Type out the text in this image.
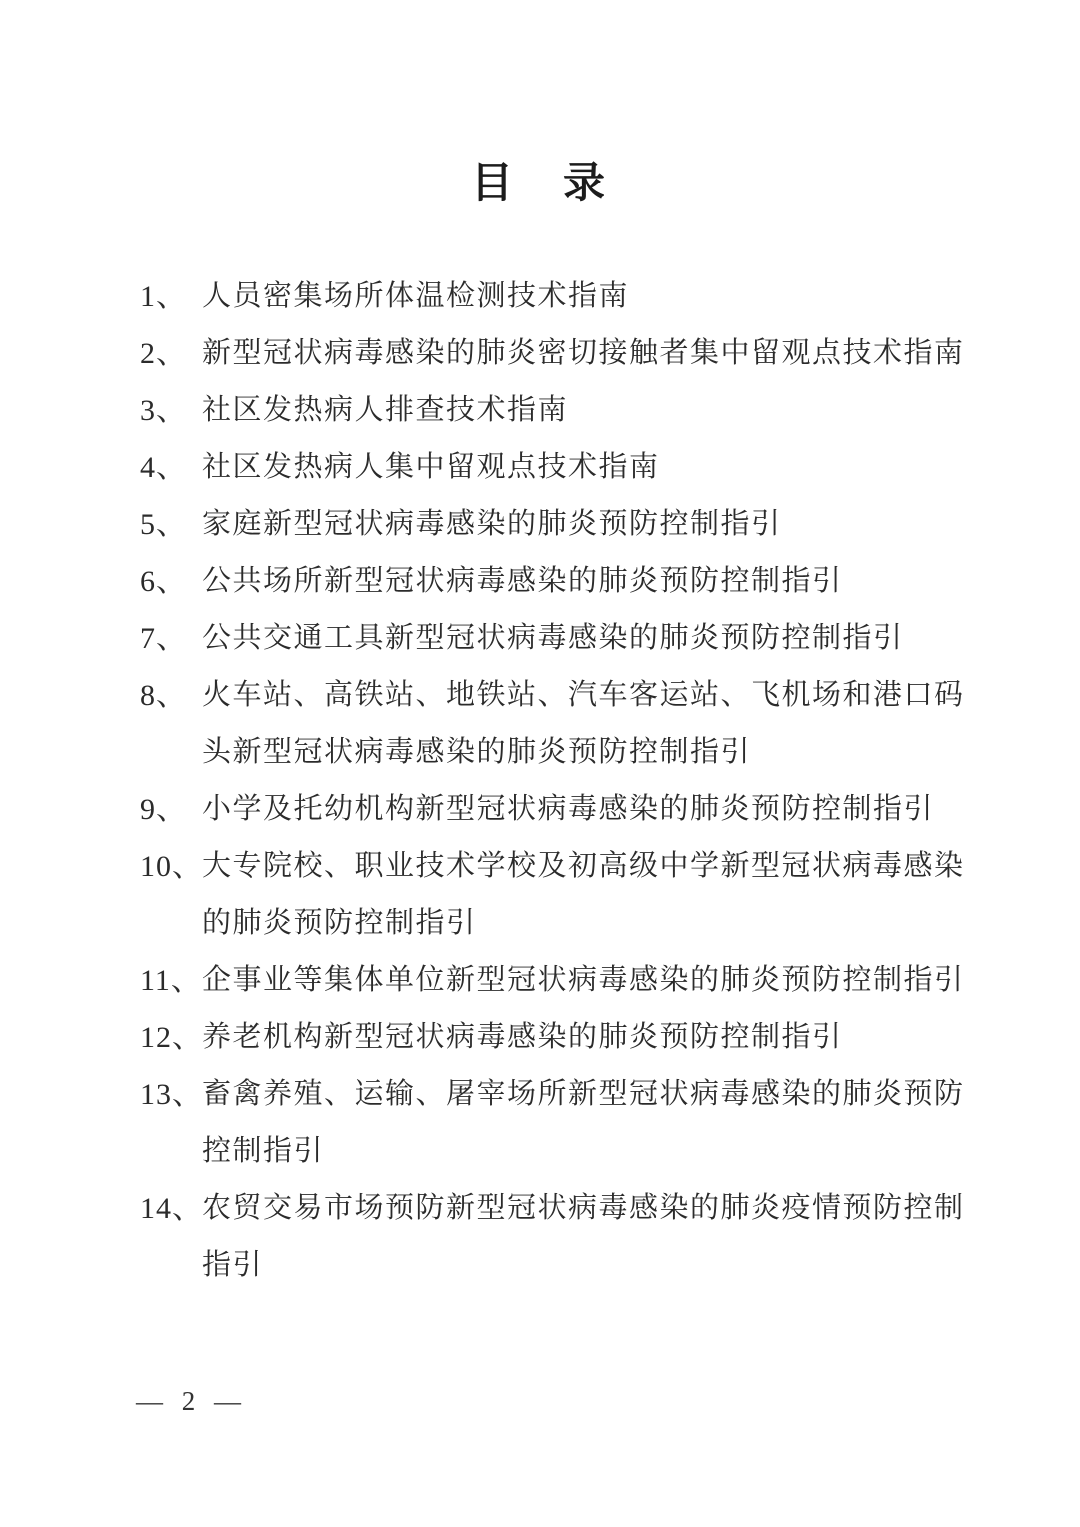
目　录
1、 人员密集场所体温检测技术指南
2、 新型冠状病毒感染的肺炎密切接触者集中留观点技术指南
3、 社区发热病人排查技术指南
4、 社区发热病人集中留观点技术指南
5、 家庭新型冠状病毒感染的肺炎预防控制指引
6、 公共场所新型冠状病毒感染的肺炎预防控制指引
7、 公共交通工具新型冠状病毒感染的肺炎预防控制指引
8、 火车站、高铁站、地铁站、汽车客运站、飞机场和港口码头新型冠状病毒感染的肺炎预防控制指引
9、 小学及托幼机构新型冠状病毒感染的肺炎预防控制指引
10、 大专院校、职业技术学校及初高级中学新型冠状病毒感染的肺炎预防控制指引
11、 企事业等集体单位新型冠状病毒感染的肺炎预防控制指引
12、 养老机构新型冠状病毒感染的肺炎预防控制指引
13、 畜禽养殖、运输、屠宰场所新型冠状病毒感染的肺炎预防控制指引
14、 农贸交易市场预防新型冠状病毒感染的肺炎疫情预防控制指引
— 2 —
